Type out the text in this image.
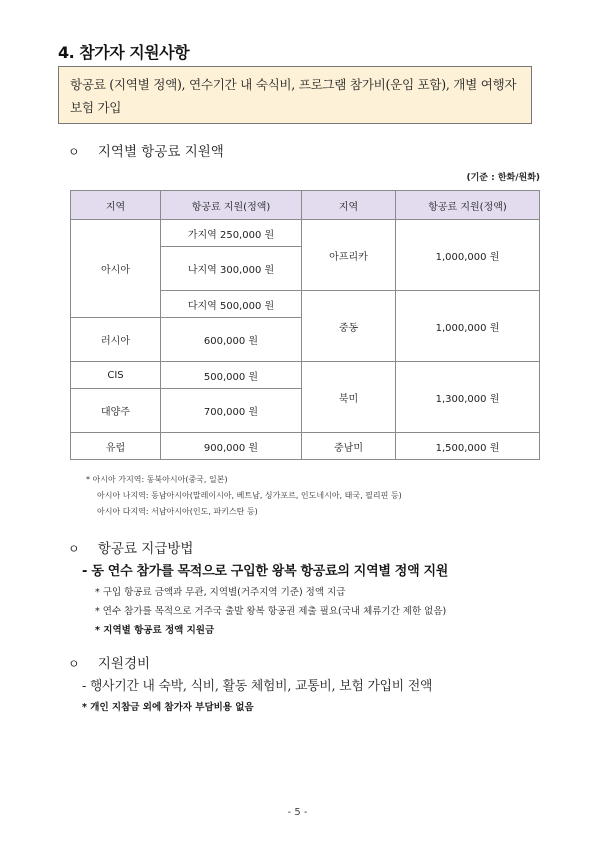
4. 참가자 지원사항
항공료 (지역별 정액), 연수기간 내 숙식비, 프로그램 참가비(운임 포함), 개별 여행자보험 가입
ㅇ 지역별 항공료 지원액
(기준 : 한화/원화)
지역	항공료 지원(정액)	지역	항공료 지원(정액)
아시아	가지역 250,000 원	아프리카	1,000,000 원
	나지역 300,000 원		
	다지역 500,000 원	중동	1,000,000 원
러시아	600,000 원		
CIS	500,000 원	북미	1,300,000 원
대양주	700,000 원		
유럽	900,000 원	중남미	1,500,000 원
* 아시아 가지역: 동북아시아(중국, 일본)
아시아 나지역: 동남아시아(말레이시아, 베트남, 싱가포르, 인도네시아, 태국, 필리핀 등)
아시아 다지역: 서남아시아(인도, 파키스탄 등)
ㅇ 항공료 지급방법
- 동 연수 참가를 목적으로 구입한 왕복 항공료의 지역별 정액 지원
* 구입 항공료 금액과 무관, 지역별(거주지역 기준) 정액 지급
* 연수 참가를 목적으로 거주국 출발 왕복 항공권 제출 필요(국내 체류기간 제한 없음)
* 지역별 항공료 정액 지원금
ㅇ 지원경비
- 행사기간 내 숙박, 식비, 활동 체험비, 교통비, 보험 가입비 전액
* 개인 지참금 외에 참가자 부담비용 없음
- 5 -
